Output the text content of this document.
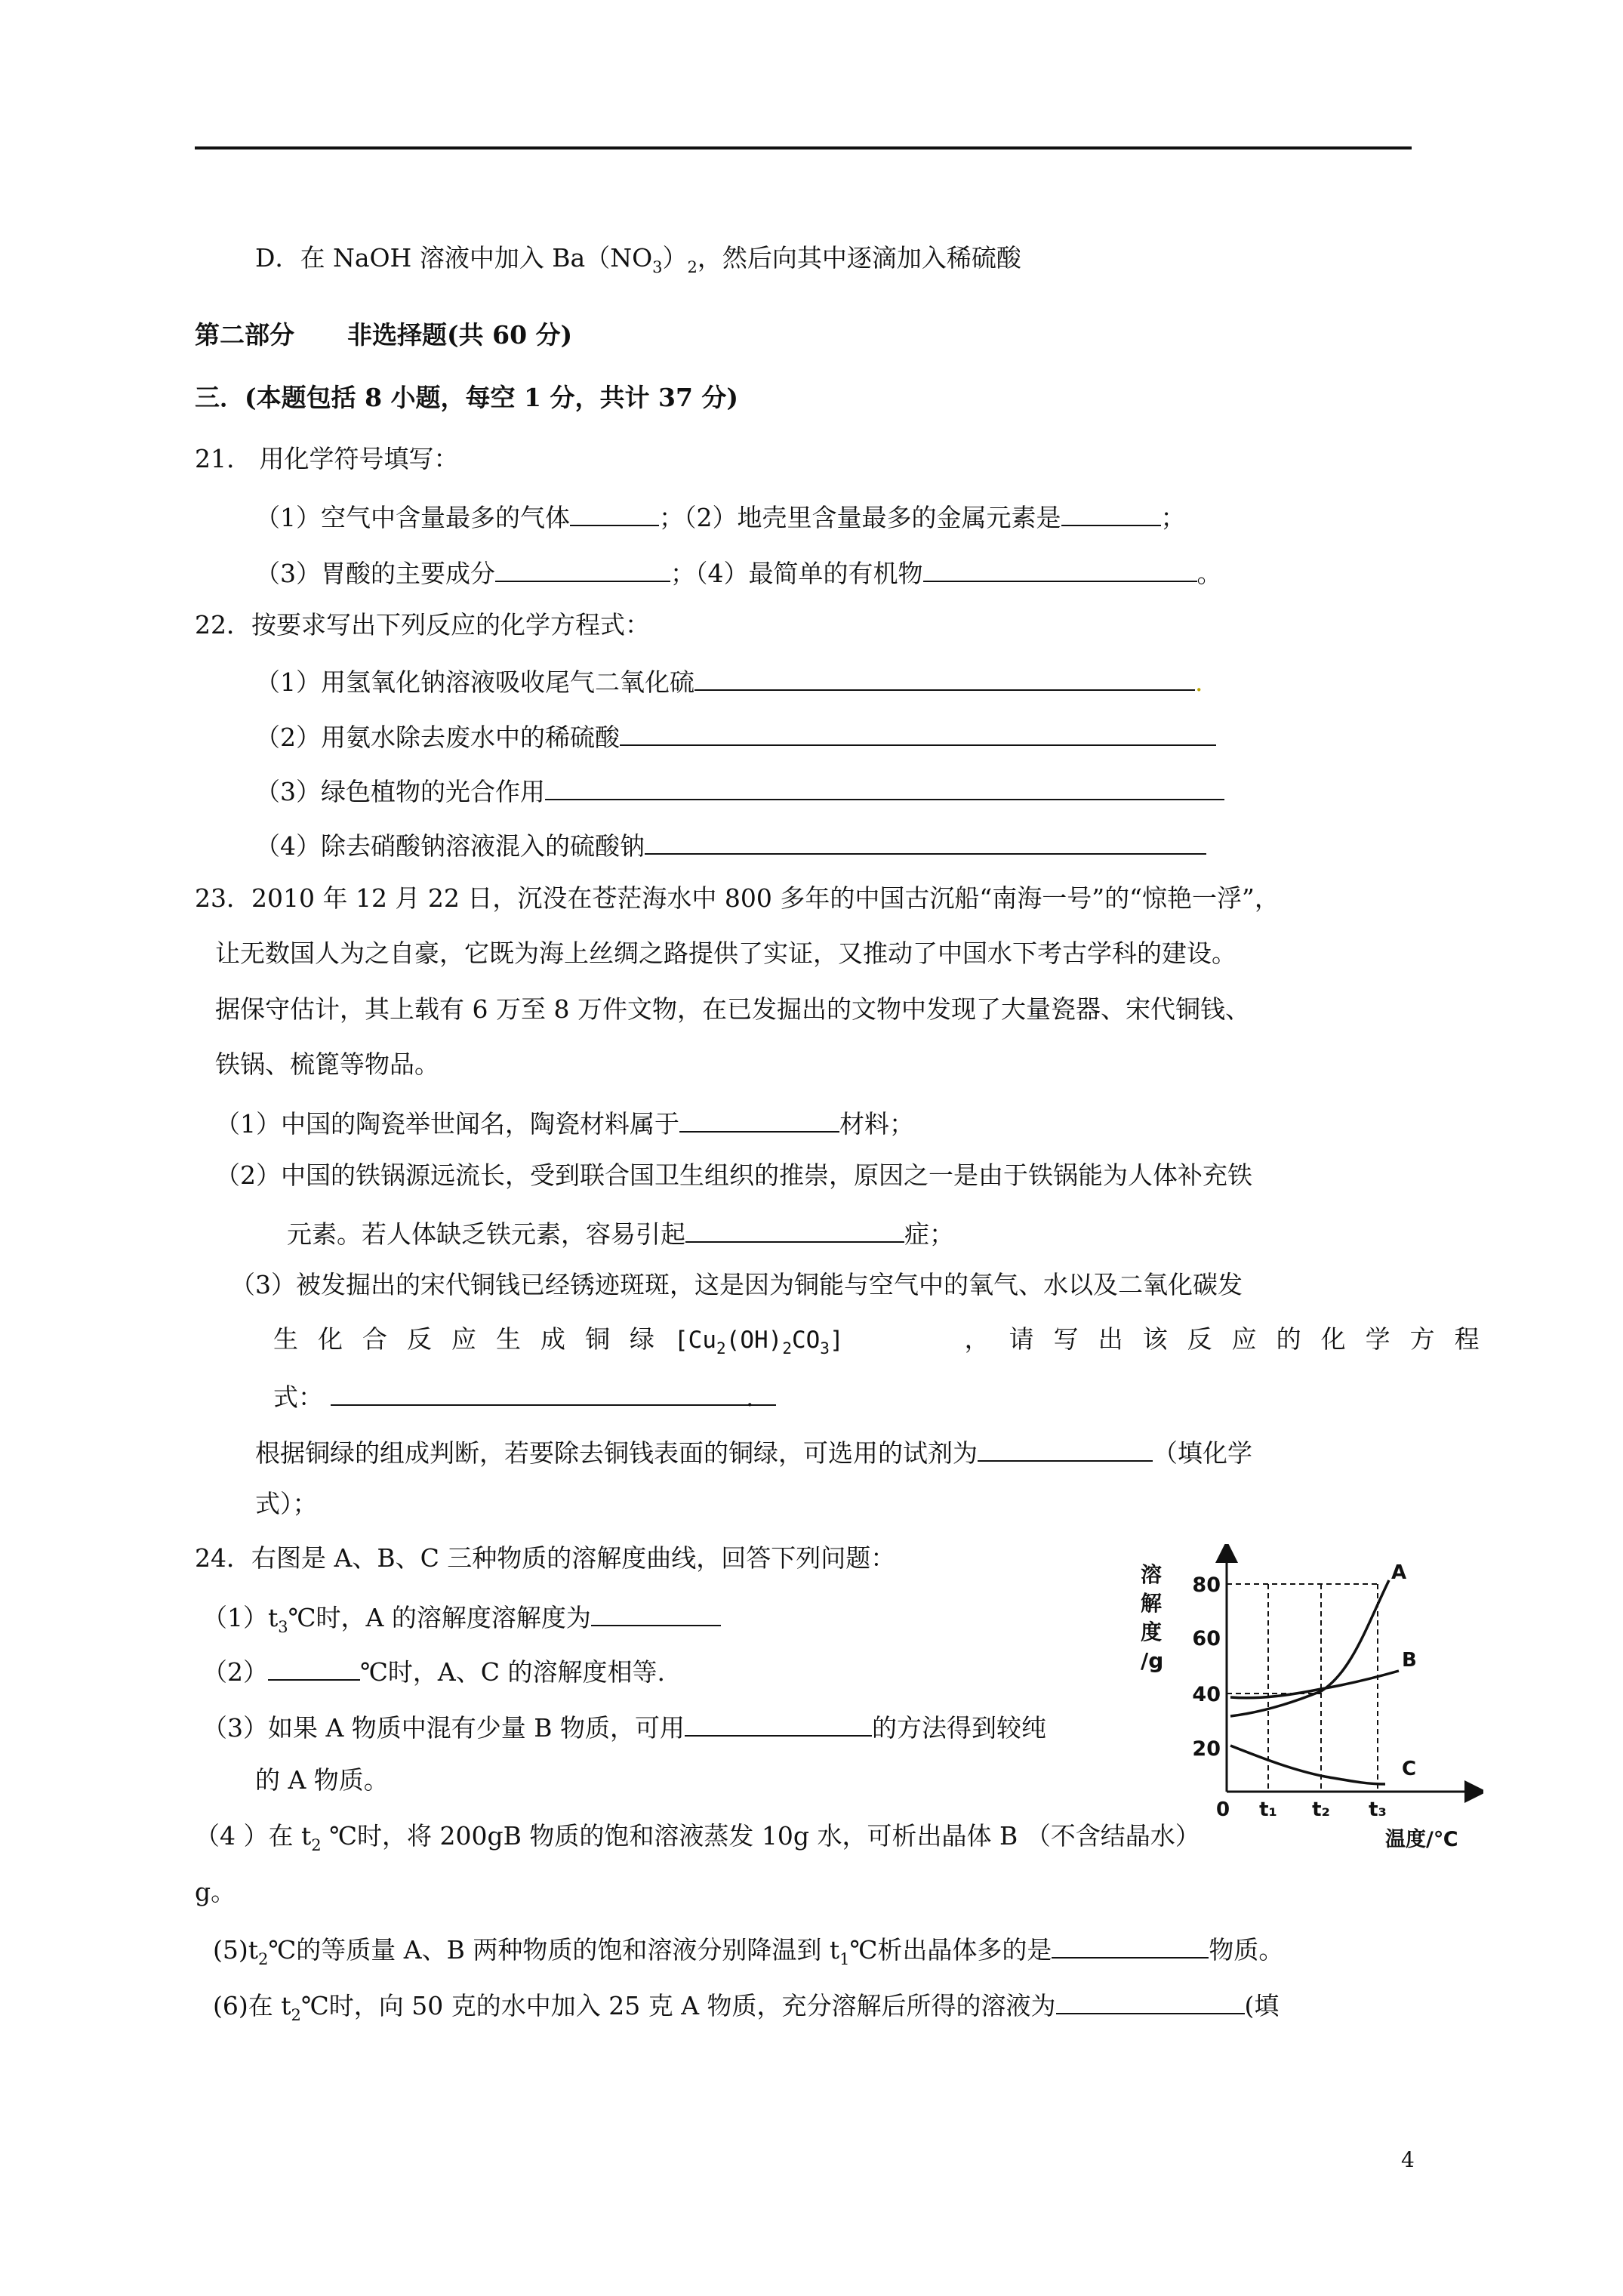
D．在 NaOH 溶液中加入 $Ba(NO_3)_2$，然后向其中逐滴加入稀硫酸
第二部分 非选择题(共 60 分)
三．(本题包括 8 小题，每空 1 分，共计 37 分)
21.　用化学符号填写：
（1）空气中含量最多的气体	；（2）地壳里含量最多的金属元素是	；
（3）胃酸的主要成分	；（4）最简单的有机物	。
22．按要求写出下列反应的化学方程式：
（1）用氢氧化钠溶液吸收尾气二氧化硫	.
（2）用氨水除去废水中的稀硫酸
（3）绿色植物的光合作用
（4）除去硝酸钠溶液混入的硫酸钠
23．2010 年 12 月 22 日，沉没在苍茫海水中 800 多年的中国古沉船“南海一号”的“惊艳一浮”，
让无数国人为之自豪，它既为海上丝绸之路提供了实证，又推动了中国水下考古学科的建设。
据保守估计，其上载有 6 万至 8 万件文物，在已发掘出的文物中发现了大量瓷器、宋代铜钱、
铁锅、梳篦等物品。
（1）中国的陶瓷举世闻名，陶瓷材料属于	材料；
（2）中国的铁锅源远流长，受到联合国卫生组织的推崇，原因之一是由于铁锅能为人体补充铁
元素。若人体缺乏铁元素，容易引起	症；
（3）被发掘出的宋代铜钱已经锈迹斑斑，这是因为铜能与空气中的氧气、水以及二氧化碳发
生化合反应生成铜绿$[Cu_2(OH)_2CO_3]$	，请写出该反应的化学方程
式：	.
根据铜绿的组成判断，若要除去铜钱表面的铜绿，可选用的试剂为	（填化学
式）；
24．右图是 A、B、C 三种物质的溶解度曲线，回答下列问题：
$(1)t_3℃$时，A 的溶解度溶解度为
（2）	℃时，A、C 的溶解度相等.
（3）如果 A 物质中混有少量 B 物质，可用	的方法得到较纯
的 A 物质。
（4 ）在 $t_2$ ℃时，将 200gB 物质的饱和溶液蒸发 10g 水，可析出晶体 B （不含结晶水）
g。
$(5)t_2℃$的等质量 A、B 两种物质的饱和溶液分别降温到 $t_1℃$析出晶体多的是	物质。
(6)在 $t_2℃$时，向 50 克的水中加入 25 克 A 物质，充分溶解后所得的溶液为	(填
A
B
C
80
60
40
20
溶
解
度
/g
0 t₁ t₂ t₃
温度/℃
4
